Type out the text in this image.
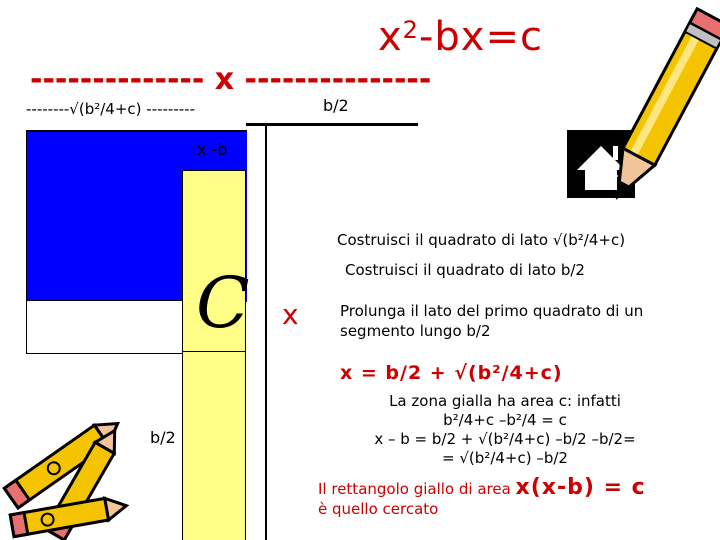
$x^2-bx=c$
-------------- x ---------------
--------√(b²/4+c) ---------	b/2
x -b
C x
b/2
Costruisci il quadrato di lato √(b²/4+c)
Costruisci il quadrato di lato b/2
Prolunga il lato del primo quadrato di un segmento lungo b/2
x = b/2 + √(b²/4+c)
La zona gialla ha area c: infatti
b²/4+c –b²/4 = c
x – b = b/2 + √(b²/4+c) –b/2 –b/2=
= √(b²/4+c) –b/2
Il rettangolo giallo di area x(x-b) = c
è quello cercato
